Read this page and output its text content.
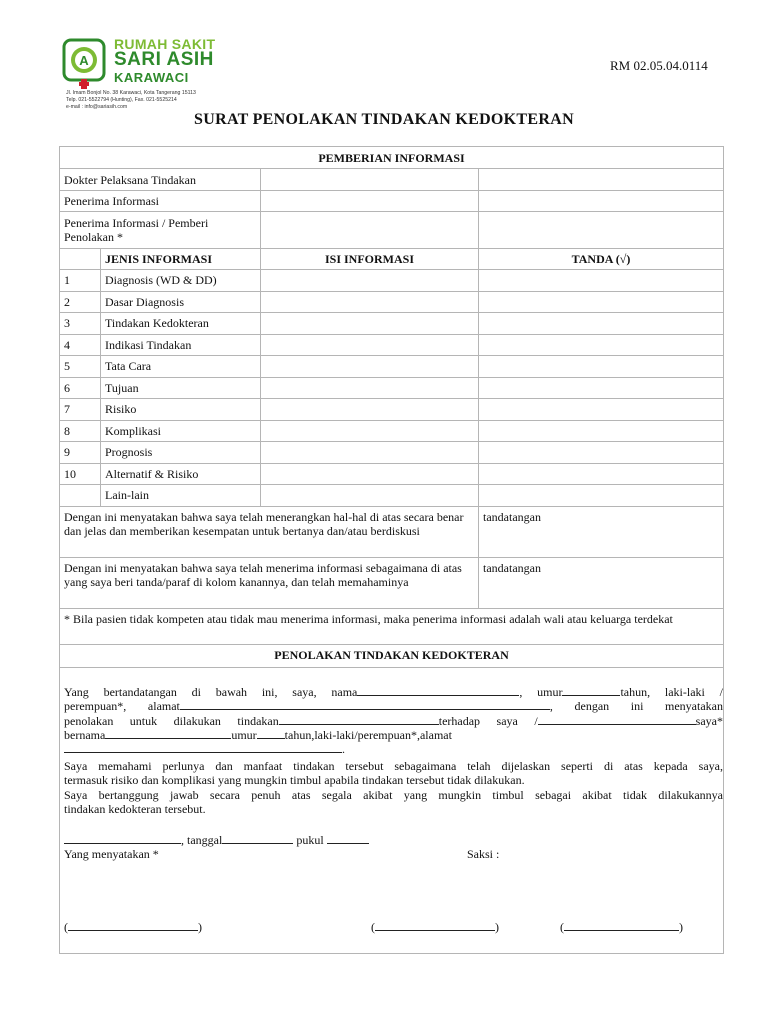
A
RUMAH SAKIT
SARI ASIH
KARAWACI
Jl. Imam Bonjol No. 38 Karawaci, Kota Tangerang 15113
Telp. 021-5522794 (Hunting), Fax. 021-5525214
e-mail : info@sariasih.com
RM 02.05.04.0114
SURAT PENOLAKAN TINDAKAN KEDOKTERAN
PEMBERIAN INFORMASI			
Dokter Pelaksana Tindakan			
Penerima Informasi			
Penerima Informasi / Pemberi Penolakan *			
	JENIS INFORMASI	ISI INFORMASI	TANDA (√)
1	Diagnosis (WD & DD)		
2	Dasar Diagnosis		
3	Tindakan Kedokteran		
4	Indikasi Tindakan		
5	Tata Cara		
6	Tujuan		
7	Risiko		
8	Komplikasi		
9	Prognosis		
10	Alternatif & Risiko		
	Lain-lain		
Dengan ini menyatakan bahwa saya telah menerangkan hal-hal di atas secara benar dan jelas dan memberikan kesempatan untuk bertanya dan/atau berdiskusi			tandatangan
Dengan ini menyatakan bahwa saya telah menerima informasi sebagaimana di atas yang saya beri tanda/paraf di kolom kanannya, dan telah memahaminya			tandatangan
* Bila pasien tidak kompeten atau tidak mau menerima informasi, maka penerima informasi adalah wali atau keluarga terdekat			
PENOLAKAN TINDAKAN KEDOKTERAN
Yang bertandatangan di bawah ini, saya, nama	, umur	tahun, laki-laki /
perempuan*, alamat	, dengan ini menyatakan
penolakan untuk dilakukan tindakan	terhadap saya /	saya*
bernama	umur tahun,laki-laki/perempuan*,alamat
.
Saya memahami perlunya dan manfaat tindakan tersebut sebagaimana telah dijelaskan seperti di atas kepada saya,
termasuk risiko dan komplikasi yang mungkin timbul apabila tindakan tersebut tidak dilakukan.
Saya bertanggung jawab secara penuh atas segala akibat yang mungkin timbul sebagai akibat tidak dilakukannya
tindakan kedokteran tersebut.
, tanggal	pukul
Yang menyatakan *	Saksi :
(	)	(	)	(	)
